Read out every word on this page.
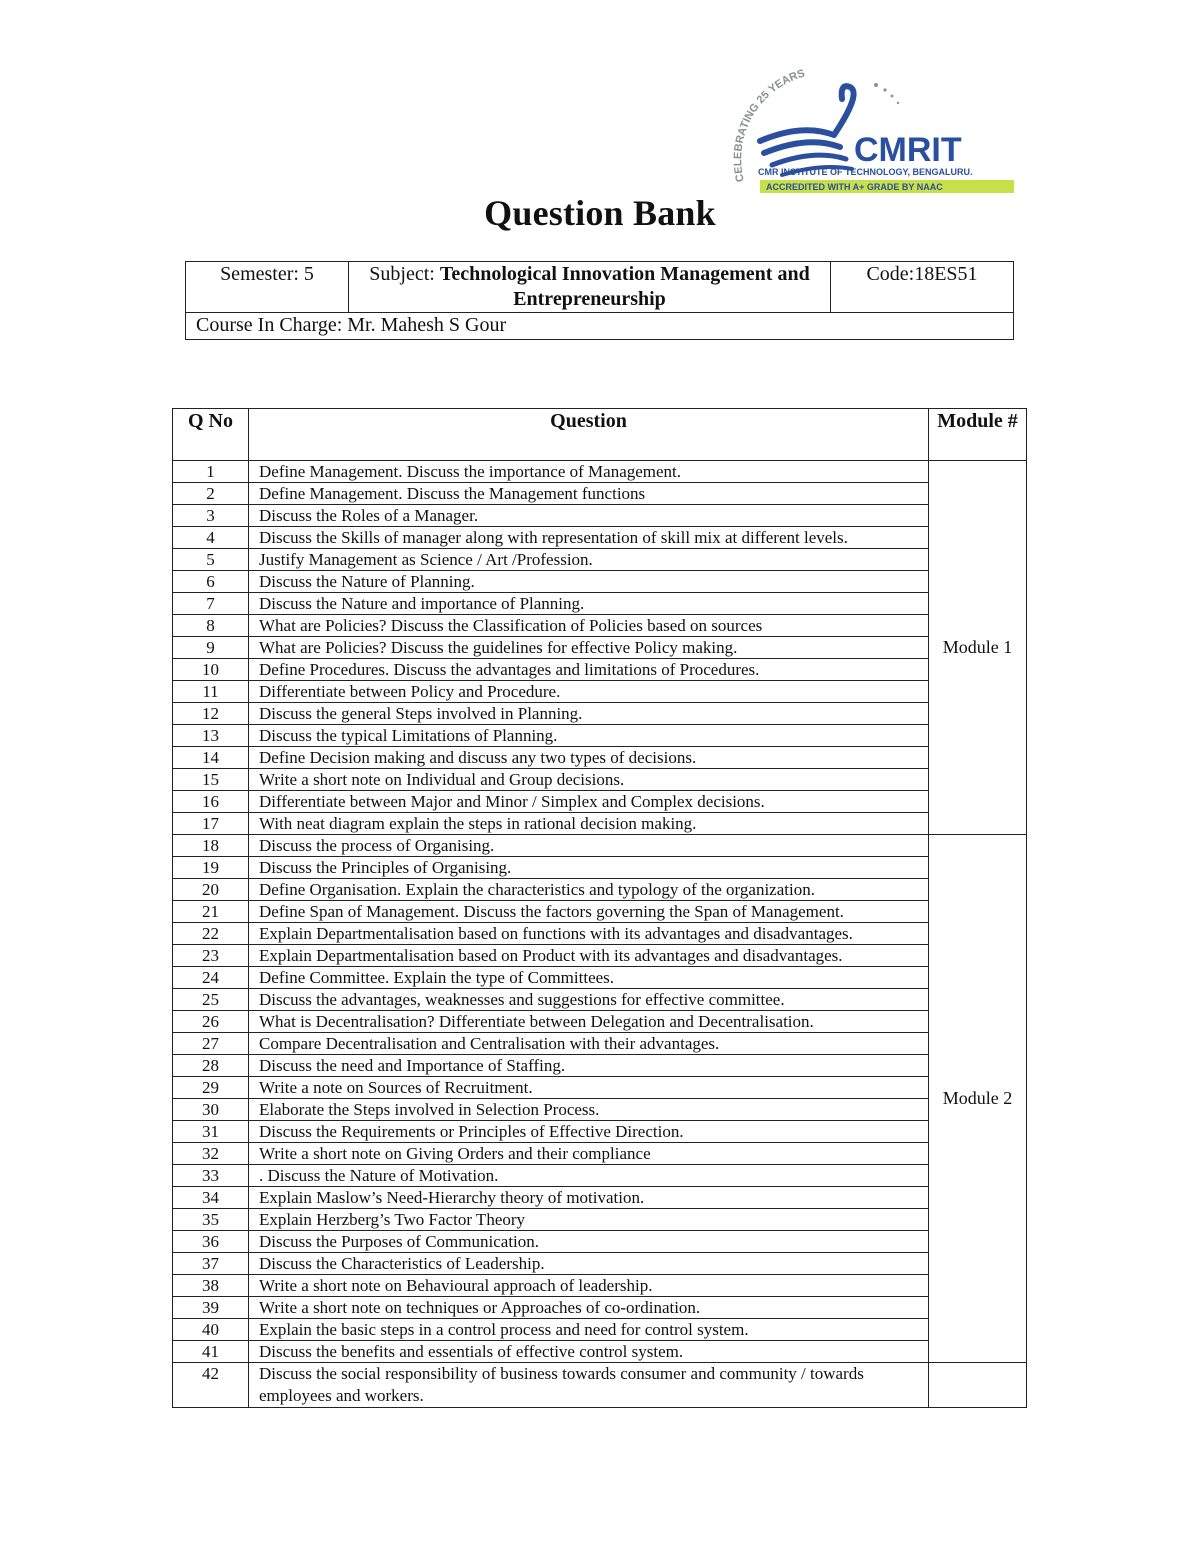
CELEBRATING 25 YEARS
CMRIT
CMR INSTITUTE OF TECHNOLOGY, BENGALURU.
ACCREDITED WITH A+ GRADE BY NAAC
Question Bank
Semester: 5	Subject: Technological Innovation Management and Entrepreneurship	Code:18ES51
Course In Charge: Mr. Mahesh S Gour
Q No	Question	Module #
1	Define Management. Discuss the importance of Management.	Module 1
2	Define Management. Discuss the Management functions	
3	Discuss the Roles of a Manager.	
4	Discuss the Skills of manager along with representation of skill mix at different levels.	
5	Justify Management as Science / Art /Profession.	
6	Discuss the Nature of Planning.	
7	Discuss the Nature and importance of Planning.	
8	What are Policies? Discuss the Classification of Policies based on sources	
9	What are Policies? Discuss the guidelines for effective Policy making.	
10	Define Procedures. Discuss the advantages and limitations of Procedures.	
11	Differentiate between Policy and Procedure.	
12	Discuss the general Steps involved in Planning.	
13	Discuss the typical Limitations of Planning.	
14	Define Decision making and discuss any two types of decisions.	
15	Write a short note on Individual and Group decisions.	
16	Differentiate between Major and Minor / Simplex and Complex decisions.	
17	With neat diagram explain the steps in rational decision making.	
18	Discuss the process of Organising.	Module 2
19	Discuss the Principles of Organising.	
20	Define Organisation. Explain the characteristics and typology of the organization.	
21	Define Span of Management. Discuss the factors governing the Span of Management.	
22	Explain Departmentalisation based on functions with its advantages and disadvantages.	
23	Explain Departmentalisation based on Product with its advantages and disadvantages.	
24	Define Committee. Explain the type of Committees.	
25	Discuss the advantages, weaknesses and suggestions for effective committee.	
26	What is Decentralisation? Differentiate between Delegation and Decentralisation.	
27	Compare Decentralisation and Centralisation with their advantages.	
28	Discuss the need and Importance of Staffing.	
29	Write a note on Sources of Recruitment.	
30	Elaborate the Steps involved in Selection Process.	
31	Discuss the Requirements or Principles of Effective Direction.	
32	Write a short note on Giving Orders and their compliance	
33	. Discuss the Nature of Motivation.	
34	Explain Maslow’s Need-Hierarchy theory of motivation.	
35	Explain Herzberg’s Two Factor Theory	
36	Discuss the Purposes of Communication.	
37	Discuss the Characteristics of Leadership.	
38	Write a short note on Behavioural approach of leadership.	
39	Write a short note on techniques or Approaches of co-ordination.	
40	Explain the basic steps in a control process and need for control system.	
41	Discuss the benefits and essentials of effective control system.	
42	Discuss the social responsibility of business towards consumer and community / towards employees and workers.	
